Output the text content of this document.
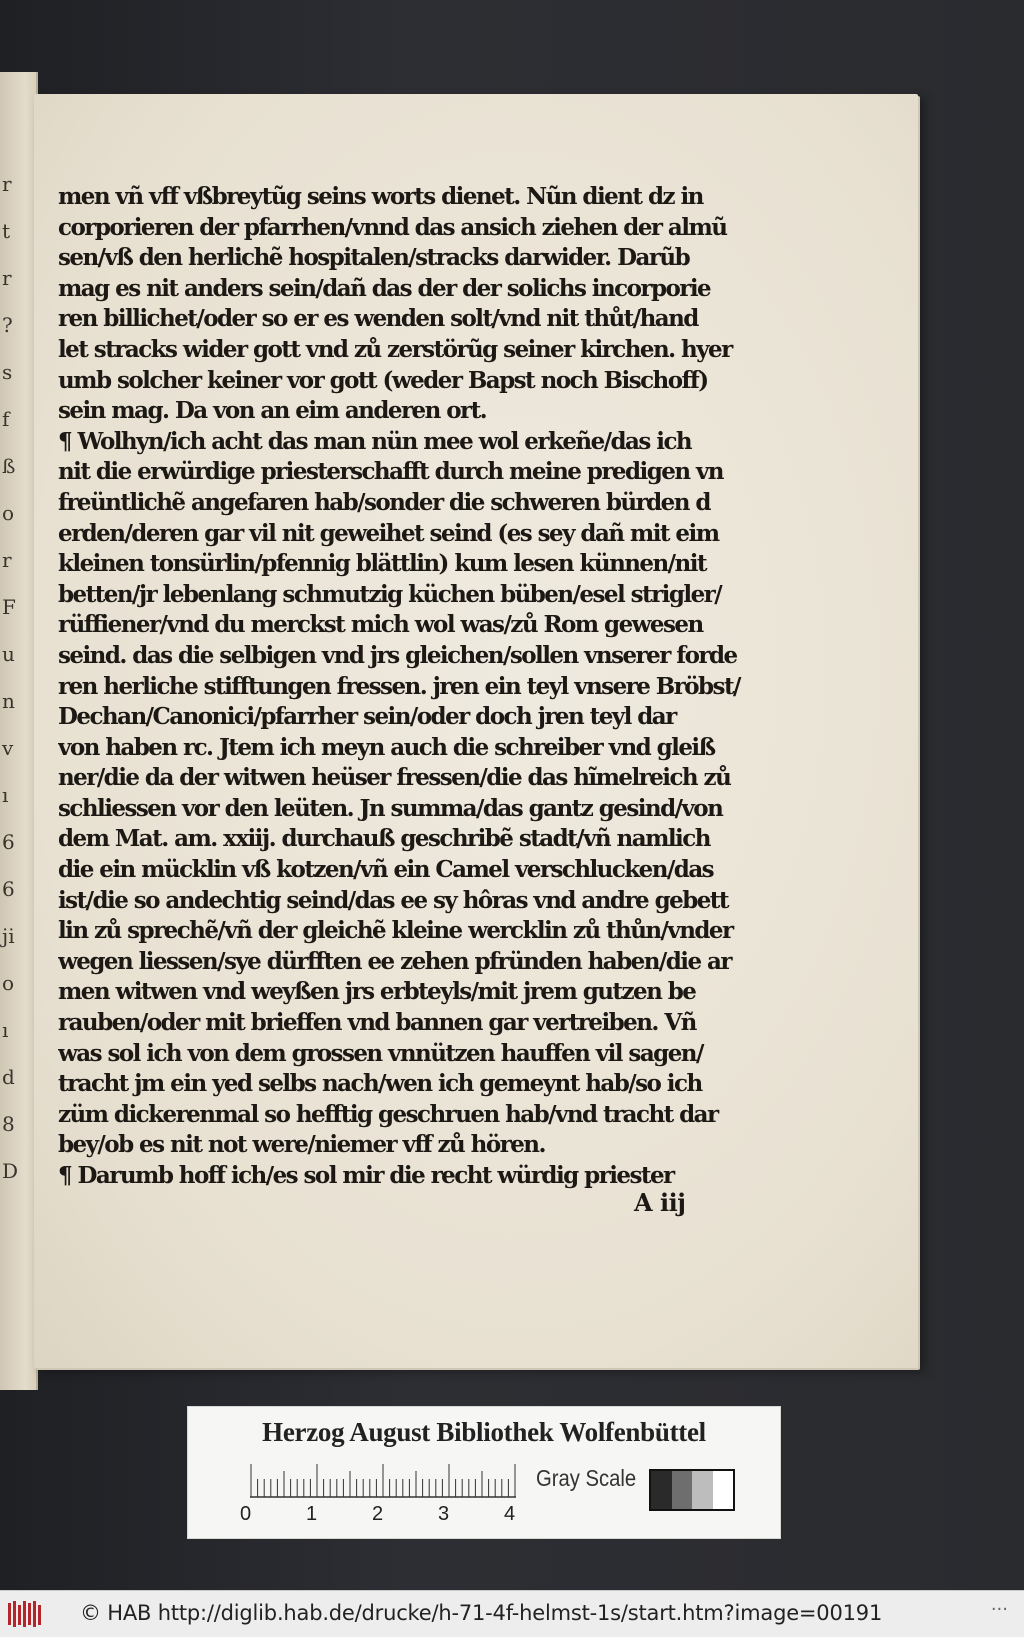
r
t
r
?
s
f
ß
o
r
F
u
n
v
ı
6
6
ji
o
ı
d
8
D
men vñ vff vßbreytũg seins worts dienet. Nũn dient dz in
corporieren der pfarrhen/vnnd das ansich ziehen der almũ
sen/vß den herlichẽ hospitalen/stracks darwider. Darũb
mag es nit anders sein/dañ das der der solichs incorporie
ren billichet/oder so er es wenden solt/vnd nit thůt/hand
let stracks wider gott vnd zů zerstörũg seiner kirchen. hyer
umb solcher keiner vor gott (weder Bapst noch Bischoff)
sein mag. Da von an eim anderen ort.
¶ Wolhyn/ich acht das man nün mee wol erkeñe/das ich
nit die erwürdige priesterschafft durch meine predigen vn
freüntlichẽ angefaren hab/sonder die schweren bürden d
erden/deren gar vil nit geweihet seind (es sey dañ mit eim
kleinen tonsürlin/pfennig blättlin) kum lesen künnen/nit
betten/jr lebenlang schmutzig küchen büben/esel strigler/
rüffiener/vnd du merckst mich wol was/zů Rom gewesen
seind. das die selbigen vnd jrs gleichen/sollen vnserer forde
ren herliche stifftungen fressen. jren ein teyl vnsere Bröbst/
Dechan/Canonici/pfarrher sein/oder doch jren teyl dar
von haben rc. Jtem ich meyn auch die schreiber vnd gleiß
ner/die da der witwen heüser fressen/die das hĩmelreich zů
schliessen vor den leüten. Jn summa/das gantz gesind/von
dem Mat. am. xxiij. durchauß geschribẽ stadt/vñ namlich
die ein mücklin vß kotzen/vñ ein Camel verschlucken/das
ist/die so andechtig seind/das ee sy hôras vnd andre gebett
lin zů sprechẽ/vñ der gleichẽ kleine wercklin zů thůn/vnder
wegen liessen/sye dürfften ee zehen pfründen haben/die ar
men witwen vnd weyßen jrs erbteyls/mit jrem gutzen be
rauben/oder mit brieffen vnd bannen gar vertreiben. Vñ
was sol ich von dem grossen vnnützen hauffen vil sagen/
tracht jm ein yed selbs nach/wen ich gemeynt hab/so ich
züm dickerenmal so hefftig geschruen hab/vnd tracht dar
bey/ob es nit not were/niemer vff zů hören.
¶ Darumb hoff ich/es sol mir die recht würdig priester
A iij
Herzog August Bibliothek Wolfenbüttel
0	1	2	3	4
Gray Scale
© HAB http://diglib.hab.de/drucke/h-71-4f-helmst-1s/start.htm?image=00191	···
